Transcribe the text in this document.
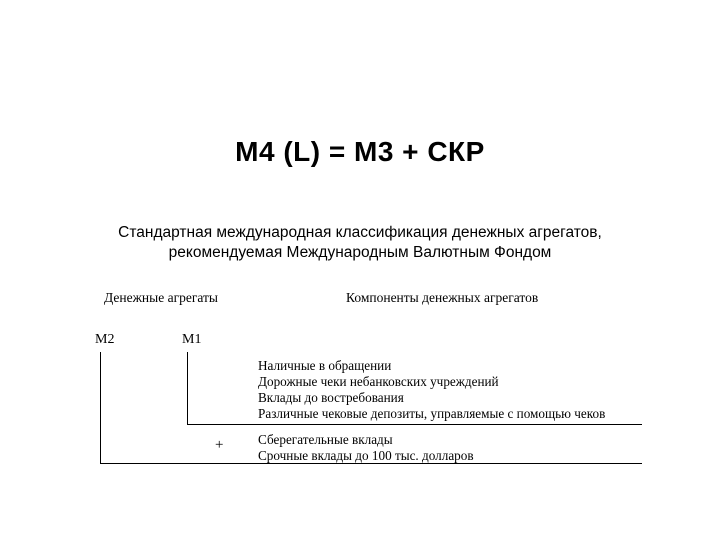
M4 (L) = M3 + СКР
Стандартная международная классификация денежных агрегатов,
рекомендуемая Международным Валютным Фондом
Денежные агрегаты	Компоненты денежных агрегатов
M2	M1
Наличные в обращении
Дорожные чеки небанковских учреждений
Вклады до востребования
Различные чековые депозиты, управляемые с помощью чеков
+	Сберегательные вклады
Срочные вклады до 100 тыс. долларов
